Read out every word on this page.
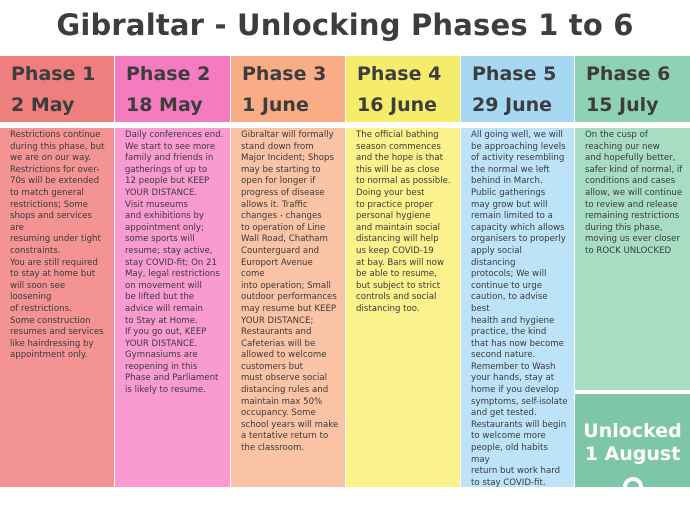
Gibraltar - Unlocking Phases 1 to 6
Phase 1
2 May
Restrictions continue
during this phase, but
we are on our way.
Restrictions for over-
70s will be extended
to match general
restrictions; Some
shops and services are
resuming under tight
constraints.
You are still required
to stay at home but
will soon see loosening
of restrictions.
Some construction
resumes and services
like hairdressing by
appointment only.
Phase 2
18 May
Daily conferences end.
We start to see more
family and friends in
gatherings of up to
12 people but KEEP
YOUR DISTANCE.
Visit museums
and exhibitions by
appointment only;
some sports will
resume; stay active,
stay COVID-fit; On 21
May, legal restrictions
on movement will
be lifted but the
advice will remain
to Stay at Home.
If you go out, KEEP
YOUR DISTANCE.
Gymnasiums are
reopening in this
Phase and Parliament
is likely to resume.
Phase 3
1 June
Gibraltar will formally
stand down from
Major Incident; Shops
may be starting to
open for longer if
progress of disease
allows it. Traffic
changes - changes
to operation of Line
Wall Road, Chatham
Counterguard and
Europort Avenue come
into operation; Small
outdoor performances
may resume but KEEP
YOUR DISTANCE;
Restaurants and
Cafeterias will be
allowed to welcome
customers but
must observe social
distancing rules and
maintain max 50%
occupancy. Some
school years will make
a tentative return to
the classroom.
Phase 4
16 June
The official bathing
season commences
and the hope is that
this will be as close
to normal as possible.
Doing your best
to practice proper
personal hygiene
and maintain social
distancing will help
us keep COVID-19
at bay. Bars will now
be able to resume,
but subject to strict
controls and social
distancing too.
Phase 5
29 June
All going well, we will
be approaching levels
of activity resembling
the normal we left
behind in March.
Public gatherings
may grow but will
remain limited to a
capacity which allows
organisers to properly
apply social distancing
protocols; We will
continue to urge
caution, to advise best
health and hygiene
practice, the kind
that has now become
second nature.
Remember to Wash
your hands, stay at
home if you develop
symptoms, self-isolate
and get tested.
Restaurants will begin
to welcome more
people, old habits may
return but work hard
to stay COVID-fit.
Phase 6
15 July
On the cusp of
reaching our new
and hopefully better,
safer kind of normal, if
conditions and cases
allow, we will continue
to review and release
remaining restrictions
during this phase,
moving us ever closer
to ROCK UNLOCKED
Unlocked
1 August
